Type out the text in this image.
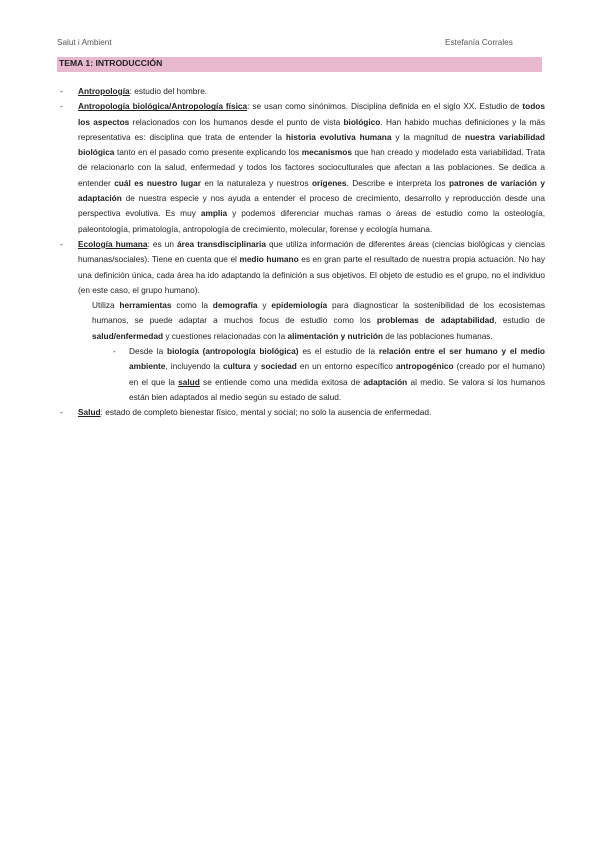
Salut i Ambient	Estefanía Corrales
TEMA 1: INTRODUCCIÓN
- Antropología: estudio del hombre.
- Antropología biológica/Antropología física: se usan como sinónimos. Disciplina definida en el siglo XX. Estudio de todos los aspectos relacionados con los humanos desde el punto de vista biológico. Han habido muchas definiciones y la más representativa es: disciplina que trata de entender la historia evolutiva humana y la magnitud de nuestra variabilidad biológica tanto en el pasado como presente explicando los mecanismos que han creado y modelado esta variabilidad. Trata de relacionarlo con la salud, enfermedad y todos los factores socioculturales que afectan a las poblaciones. Se dedica a entender cuál es nuestro lugar en la naturaleza y nuestros orígenes. Describe e interpreta los patrones de variación y adaptación de nuestra especie y nos ayuda a entender el proceso de crecimiento, desarrollo y reproducción desde una perspectiva evolutiva. Es muy amplia y podemos diferenciar muchas ramas o áreas de estudio como la osteología, paleontología, primatología, antropología de crecimiento, molecular, forense y ecología humana.
- Ecología humana: es un área transdisciplinaria que utiliza información de diferentes áreas (ciencias biológicas y ciencias humanas/sociales). Tiene en cuenta que el medio humano es en gran parte el resultado de nuestra propia actuación. No hay una definición única, cada área ha ido adaptando la definición a sus objetivos. El objeto de estudio es el grupo, no el individuo (en este caso, el grupo humano).
Utiliza herramientas como la demografía y epidemiología para diagnosticar la sostenibilidad de los ecosistemas humanos, se puede adaptar a muchos focus de estudio como los problemas de adaptabilidad, estudio de salud/enfermedad y cuestiones relacionadas con la alimentación y nutrición de las poblaciones humanas.
- Desde la biología (antropología biológica) es el estudio de la relación entre el ser humano y el medio ambiente, incluyendo la cultura y sociedad en un entorno específico antropogénico (creado por el humano) en el que la salud se entiende como una medida exitosa de adaptación al medio. Se valora si los humanos están bien adaptados al medio según su estado de salud.
- Salud: estado de completo bienestar físico, mental y social; no solo la ausencia de enfermedad.
